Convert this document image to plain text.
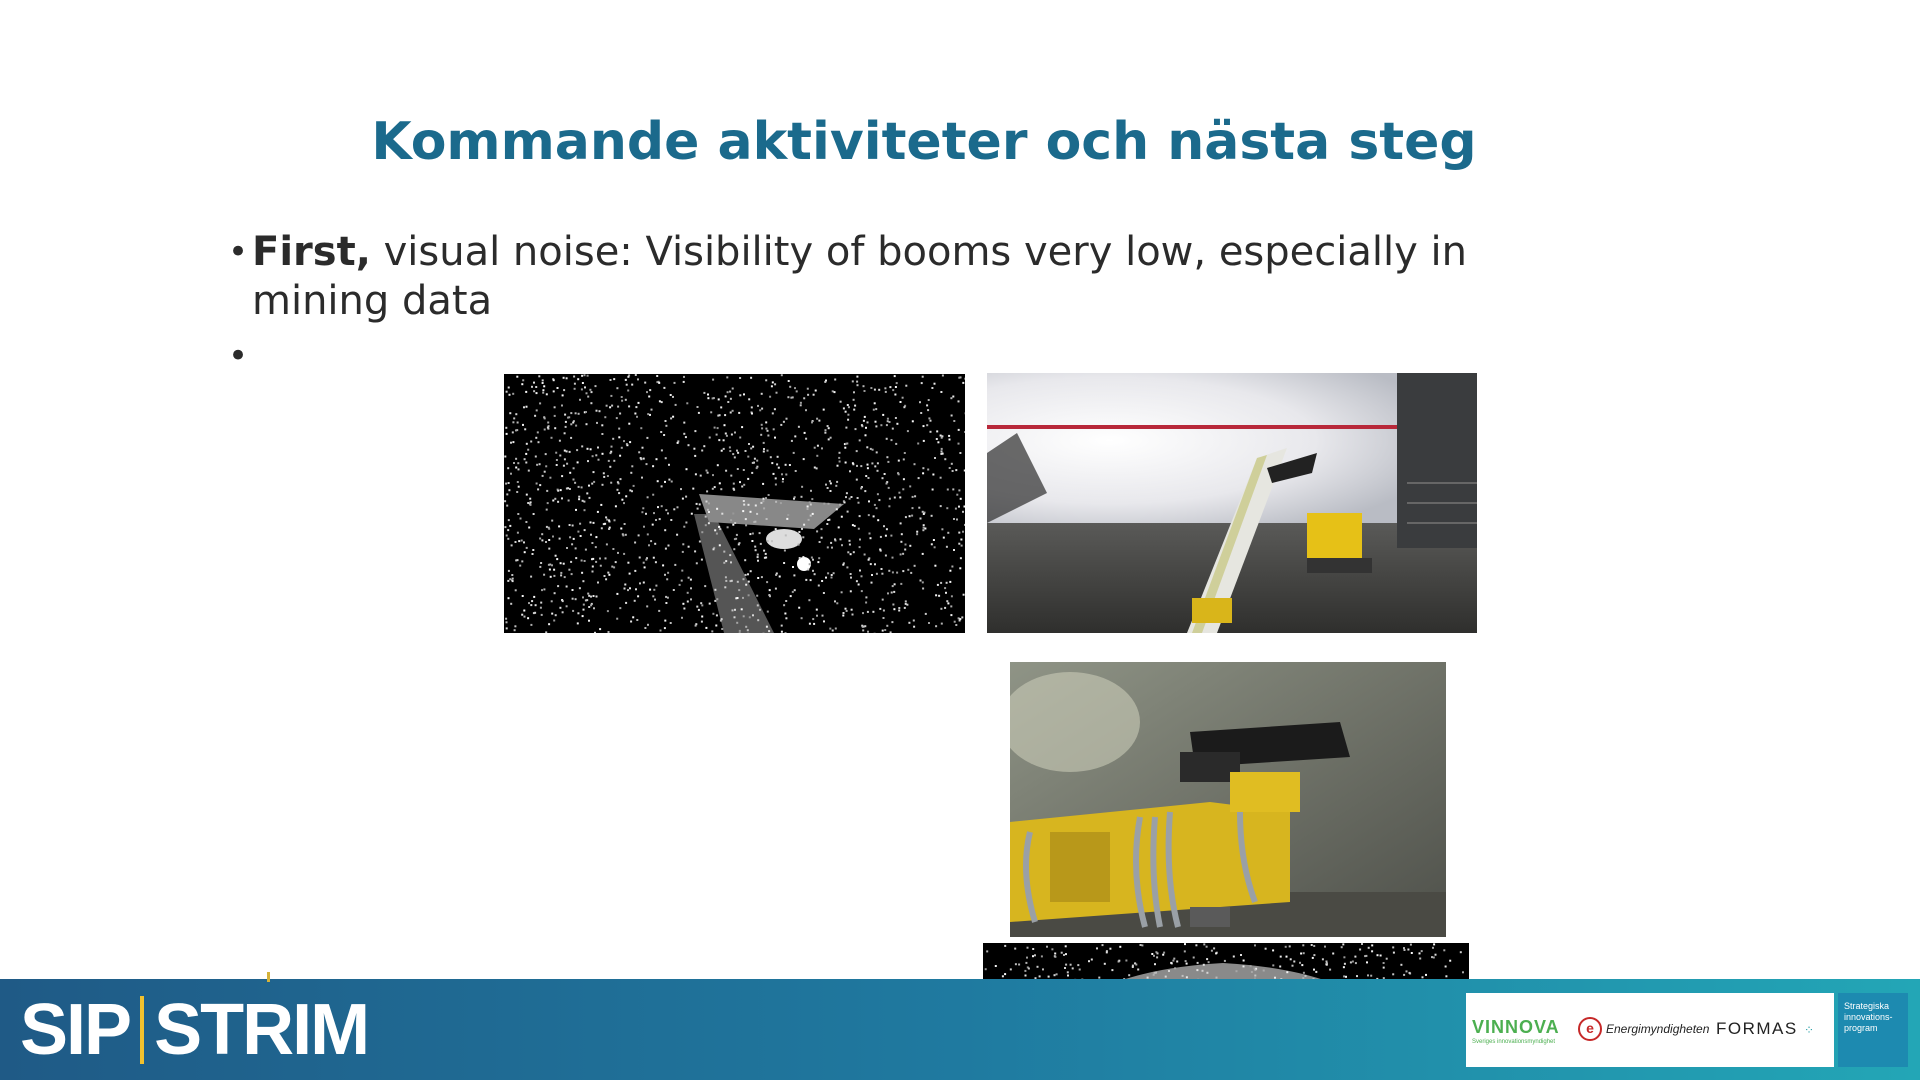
Kommande aktiviteter och nästa steg
• First, visual noise: Visibility of booms very low, especially in mining data
•
SIP STRIM	VINNOVA
Sveriges innovationsmyndighet
e	Energimyndigheten FORMAS ⁘
Strategiska innovations-program
